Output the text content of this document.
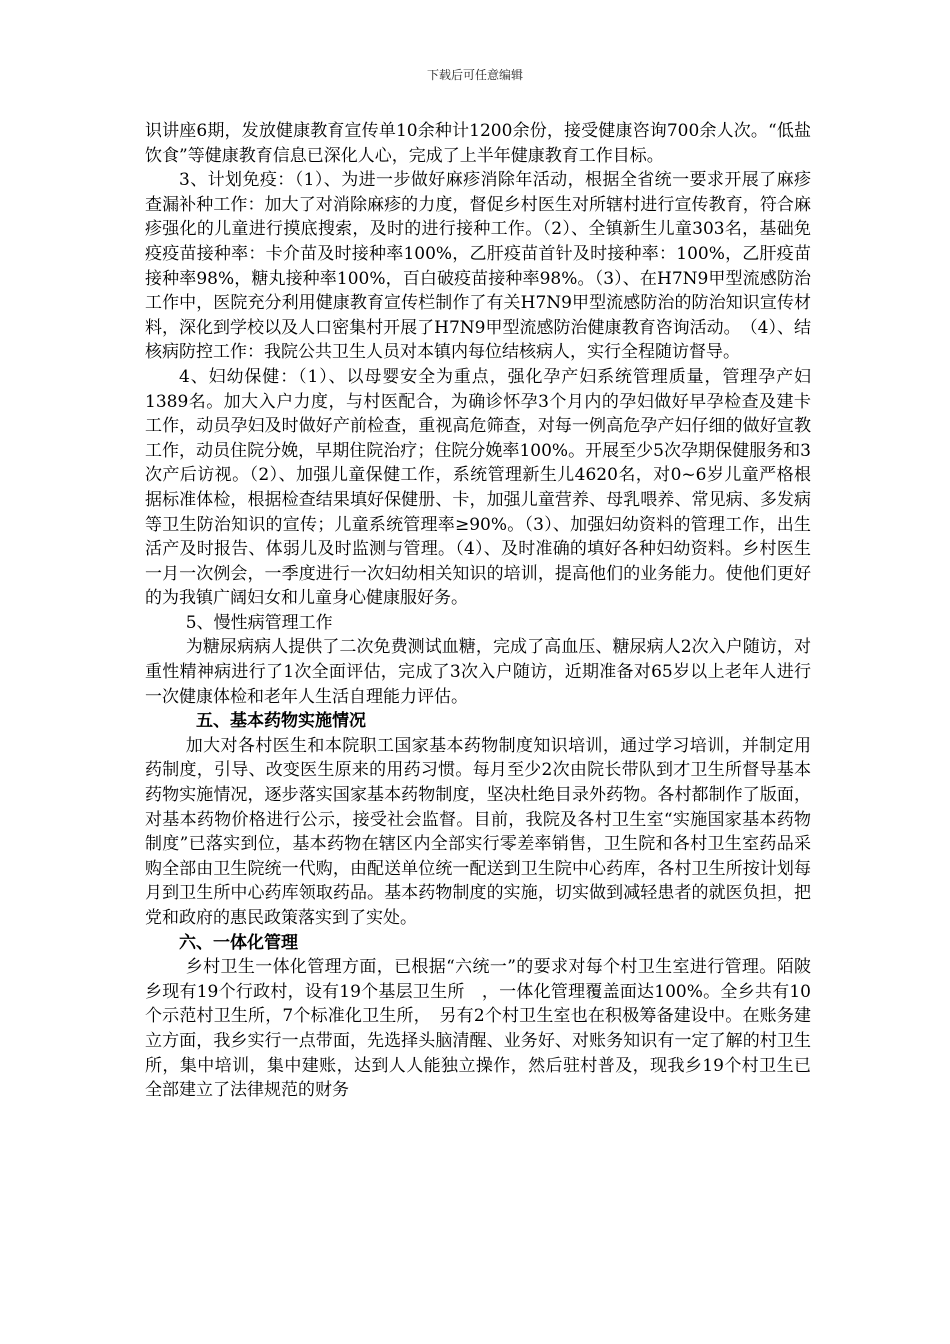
下载后可任意编辑

识讲座6期，发放健康教育宣传单10余种计1200余份，接受健康咨询700余人次。“低盐饮食”等健康教育信息已深化人心，完成了上半年健康教育工作目标。

3、计划免疫：（1）、为进一步做好麻疹消除年活动，根据全省统一要求开展了麻疹查漏补种工作：加大了对消除麻疹的力度，督促乡村医生对所辖村进行宣传教育，符合麻疹强化的儿童进行摸底搜索，及时的进行接种工作。（2）、全镇新生儿童303名，基础免疫疫苗接种率：卡介苗及时接种率100%，乙肝疫苗首针及时接种率：100%，乙肝疫苗接种率98%，糖丸接种率100%，百白破疫苗接种率98%。（3）、在H7N9甲型流感防治工作中，医院充分利用健康教育宣传栏制作了有关H7N9甲型流感防治的防治知识宣传材料，深化到学校以及人口密集村开展了H7N9甲型流感防治健康教育咨询活动。　（4）、结核病防控工作：我院公共卫生人员对本镇内每位结核病人，实行全程随访督导。

4、妇幼保健：（1）、以母婴安全为重点，强化孕产妇系统管理质量，管理孕产妇1389名。加大入户力度，与村医配合，为确诊怀孕3个月内的孕妇做好早孕检查及建卡工作，动员孕妇及时做好产前检查，重视高危筛查，对每一例高危孕产妇仔细的做好宣教工作，动员住院分娩，早期住院治疗；住院分娩率100%。开展至少5次孕期保健服务和3次产后访视。（2）、加强儿童保健工作，系统管理新生儿4620名，对0~6岁儿童严格根据标准体检，根据检查结果填好保健册、卡，加强儿童营养、母乳喂养、常见病、多发病等卫生防治知识的宣传；儿童系统管理率≥90%。（3）、加强妇幼资料的管理工作，出生活产及时报告、体弱儿及时监测与管理。（4）、及时准确的填好各种妇幼资料。乡村医生一月一次例会，一季度进行一次妇幼相关知识的培训，提高他们的业务能力。使他们更好的为我镇广阔妇女和儿童身心健康服好务。

5、慢性病管理工作

为糖尿病病人提供了二次免费测试血糖，完成了高血压、糖尿病人2次入户随访，对重性精神病进行了1次全面评估，完成了3次入户随访，近期准备对65岁以上老年人进行一次健康体检和老年人生活自理能力评估。

五、基本药物实施情况

加大对各村医生和本院职工国家基本药物制度知识培训，通过学习培训，并制定用药制度，引导、改变医生原来的用药习惯。每月至少2次由院长带队到才卫生所督导基本药物实施情况，逐步落实国家基本药物制度，坚决杜绝目录外药物。各村都制作了版面，对基本药物价格进行公示，接受社会监督。目前，我院及各村卫生室“实施国家基本药物制度”已落实到位，基本药物在辖区内全部实行零差率销售，卫生院和各村卫生室药品采购全部由卫生院统一代购，由配送单位统一配送到卫生院中心药库，各村卫生所按计划每月到卫生所中心药库领取药品。基本药物制度的实施，切实做到减轻患者的就医负担，把党和政府的惠民政策落实到了实处。

六、一体化管理

乡村卫生一体化管理方面，已根据“六统一”的要求对每个村卫生室进行管理。陌陂乡现有19个行政村，设有19个基层卫生所　，一体化管理覆盖面达100%。全乡共有10个示范村卫生所，7个标准化卫生所，　另有2个村卫生室也在积极筹备建设中。在账务建立方面，我乡实行一点带面，先选择头脑清醒、业务好、对账务知识有一定了解的村卫生所，集中培训，集中建账，达到人人能独立操作，然后驻村普及，现我乡19个村卫生已全部建立了法律规范的财务
